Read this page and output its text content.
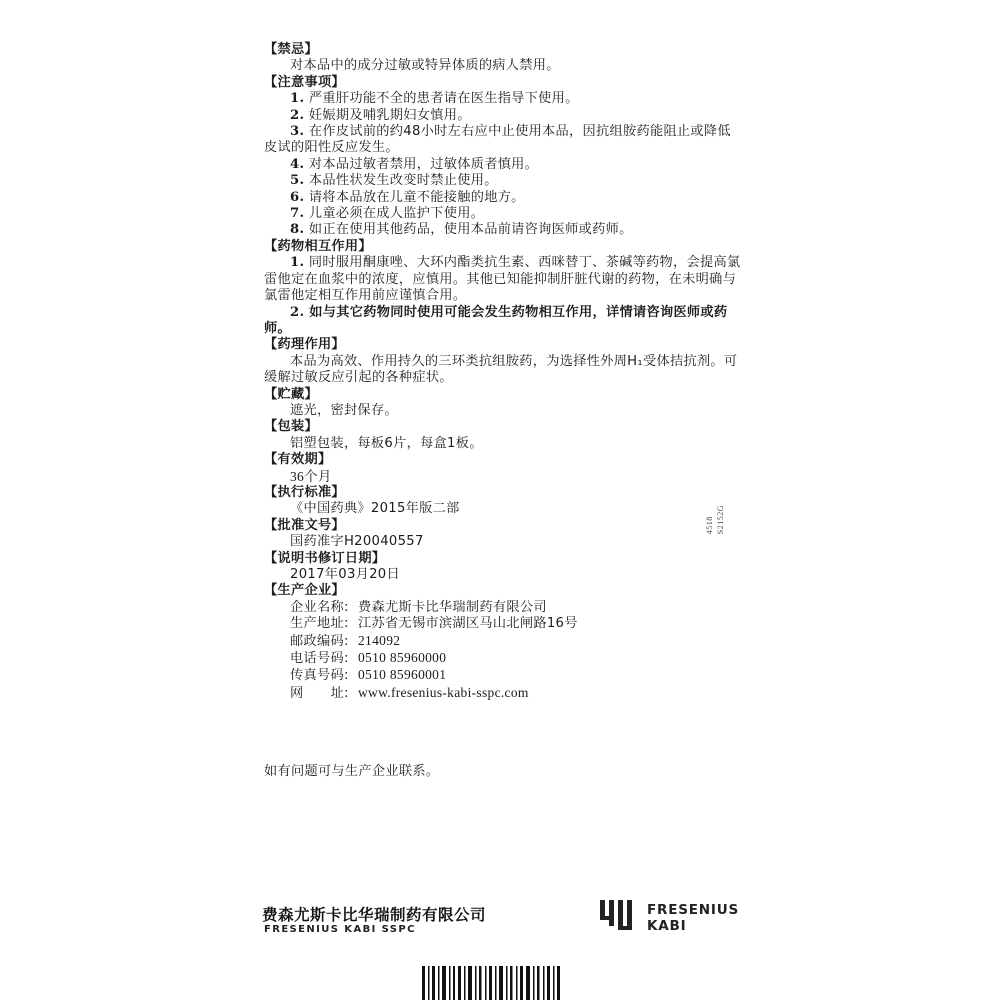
【禁忌】
对本品中的成分过敏或特异体质的病人禁用。
【注意事项】
1. 严重肝功能不全的患者请在医生指导下使用。
2. 妊娠期及哺乳期妇女慎用。
3. 在作皮试前的约48小时左右应中止使用本品，因抗组胺药能阻止或降低皮试的阳性反应发生。
4. 对本品过敏者禁用，过敏体质者慎用。
5. 本品性状发生改变时禁止使用。
6. 请将本品放在儿童不能接触的地方。
7. 儿童必须在成人监护下使用。
8. 如正在使用其他药品，使用本品前请咨询医师或药师。
【药物相互作用】
1. 同时服用酮康唑、大环内酯类抗生素、西咪替丁、茶碱等药物，会提高氯雷他定在血浆中的浓度，应慎用。其他已知能抑制肝脏代谢的药物，在未明确与氯雷他定相互作用前应谨慎合用。
2. 如与其它药物同时使用可能会发生药物相互作用，详情请咨询医师或药师。
【药理作用】
本品为高效、作用持久的三环类抗组胺药，为选择性外周H₁受体拮抗剂。可缓解过敏反应引起的各种症状。
【贮藏】
遮光，密封保存。
【包装】
铝塑包装，每板6片，每盒1板。
【有效期】
36个月
【执行标准】
《中国药典》2015年版二部
【批准文号】
国药准字H20040557
【说明书修订日期】
2017年03月20日
【生产企业】
企业名称: 费森尤斯卡比华瑞制药有限公司
生产地址: 江苏省无锡市滨湖区马山北闸路16号
邮政编码: 214092
电话号码: 0510 85960000
传真号码: 0510 85960001
网　　址: www.fresenius-kabi-sspc.com
4518 S2152G
如有问题可与生产企业联系。
费森尤斯卡比华瑞制药有限公司
FRESENIUS KABI SSPC
FRESENIUS
KABI
